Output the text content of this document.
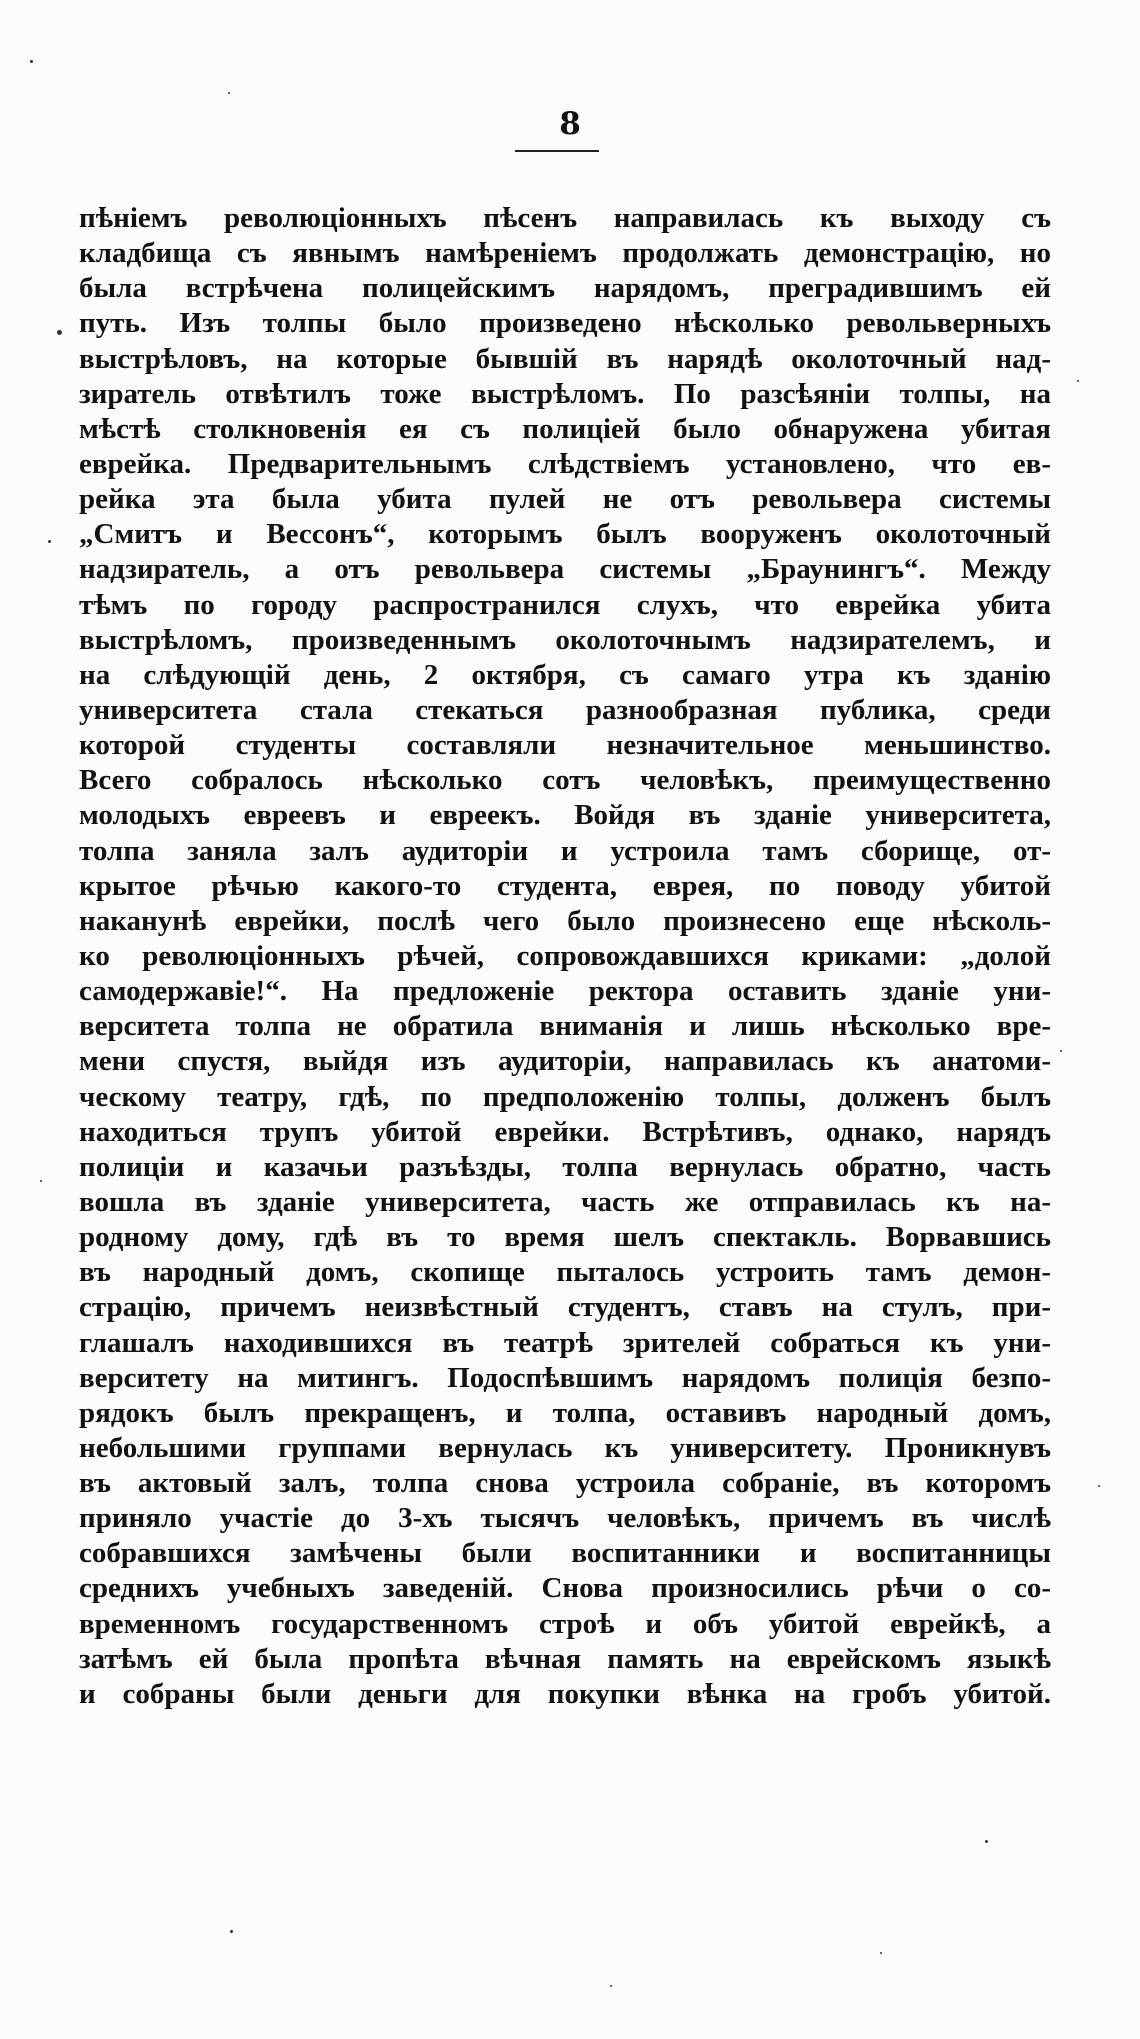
8
пѣніемъ революціонныхъ пѣсенъ направилась къ выходу съ
кладбища съ явнымъ намѣреніемъ продолжать демонстрацію, но
была встрѣчена полицейскимъ нарядомъ, преградившимъ ей
путь. Изъ толпы было произведено нѣсколько револьверныхъ
выстрѣловъ, на которые бывшій въ нарядѣ околоточный над-
зиратель отвѣтилъ тоже выстрѣломъ. По разсѣяніи толпы, на
мѣстѣ столкновенія ея съ полиціей было обнаружена убитая
еврейка. Предварительнымъ слѣдствіемъ установлено, что ев-
рейка эта была убита пулей не отъ револьвера системы
„Смитъ и Вессонъ“, которымъ былъ вооруженъ околоточный
надзиратель, а отъ револьвера системы „Браунингъ“. Между
тѣмъ по городу распространился слухъ, что еврейка убита
выстрѣломъ, произведеннымъ околоточнымъ надзирателемъ, и
на слѣдующій день, 2 октября, съ самаго утра къ зданію
университета стала стекаться разнообразная публика, среди
которой студенты составляли незначительное меньшинство.
Всего собралось нѣсколько сотъ человѣкъ, преимущественно
молодыхъ евреевъ и евреекъ. Войдя въ зданіе университета,
толпа заняла залъ аудиторіи и устроила тамъ сборище, от-
крытое рѣчью какого-то студента, еврея, по поводу убитой
наканунѣ еврейки, послѣ чего было произнесено еще нѣсколь-
ко революціонныхъ рѣчей, сопровождавшихся криками: „долой
самодержавіе!“. На предложеніе ректора оставить зданіе уни-
верситета толпа не обратила вниманія и лишь нѣсколько вре-
мени спустя, выйдя изъ аудиторіи, направилась къ анатоми-
ческому театру, гдѣ, по предположенію толпы, долженъ былъ
находиться трупъ убитой еврейки. Встрѣтивъ, однако, нарядъ
полиціи и казачьи разъѣзды, толпа вернулась обратно, часть
вошла въ зданіе университета, часть же отправилась къ на-
родному дому, гдѣ въ то время шелъ спектакль. Ворвавшись
въ народный домъ, скопище пыталось устроить тамъ демон-
страцію, причемъ неизвѣстный студентъ, ставъ на стулъ, при-
глашалъ находившихся въ театрѣ зрителей собраться къ уни-
верситету на митингъ. Подоспѣвшимъ нарядомъ полиція безпо-
рядокъ былъ прекращенъ, и толпа, оставивъ народный домъ,
небольшими группами вернулась къ университету. Проникнувъ
въ актовый залъ, толпа снова устроила собраніе, въ которомъ
приняло участіе до 3-хъ тысячъ человѣкъ, причемъ въ числѣ
собравшихся замѣчены были воспитанники и воспитанницы
среднихъ учебныхъ заведеній. Снова произносились рѣчи о со-
временномъ государственномъ строѣ и объ убитой еврейкѣ, а
затѣмъ ей была пропѣта вѣчная память на еврейскомъ языкѣ
и собраны были деньги для покупки вѣнка на гробъ убитой.
